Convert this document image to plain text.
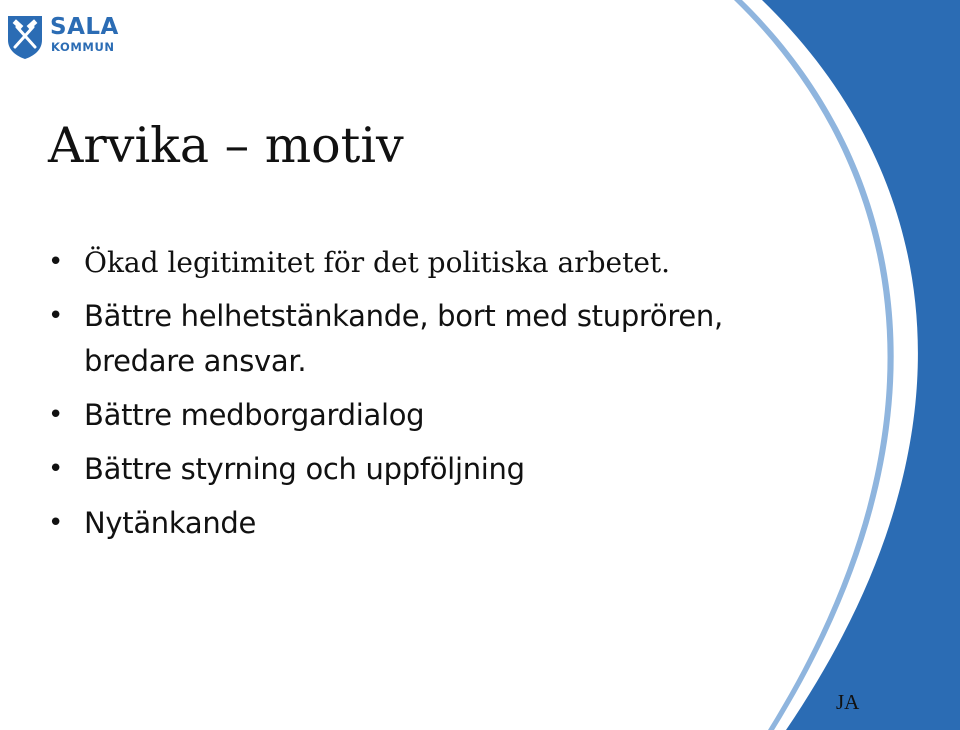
SALA
KOMMUN
Arvika – motiv
• Ökad legitimitet för det politiska arbetet.
• Bättre helhetstänkande, bort med stuprören, bredare ansvar.
• Bättre medborgardialog
• Bättre styrning och uppföljning
• Nytänkande
JA
